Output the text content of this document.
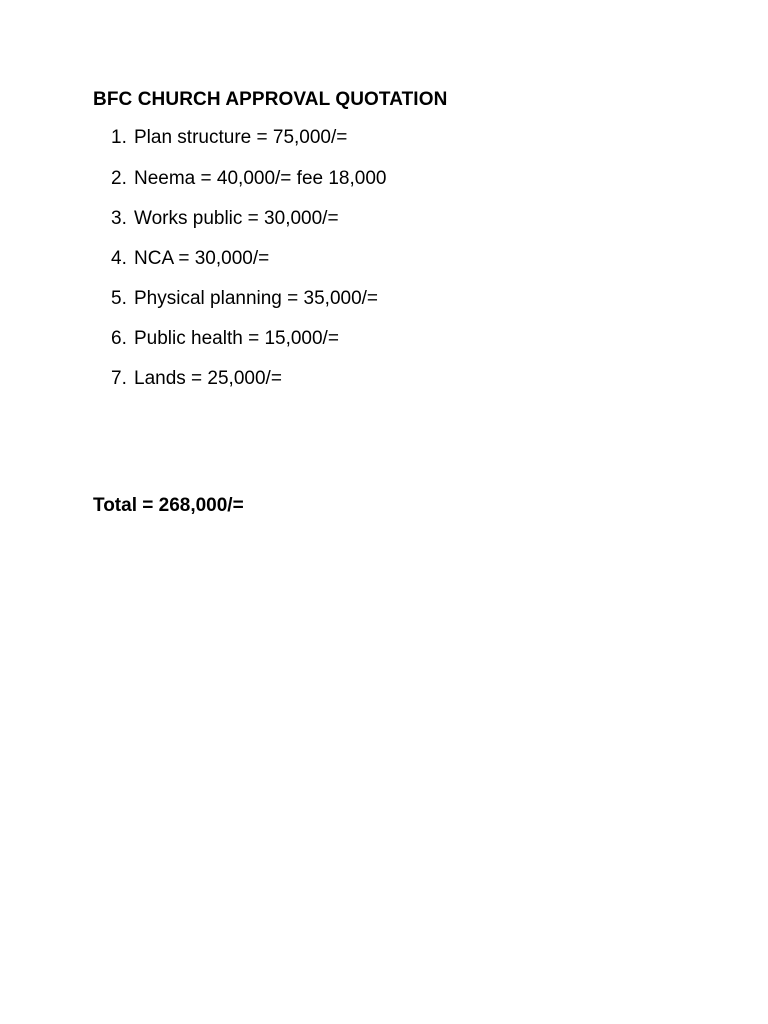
BFC CHURCH APPROVAL QUOTATION
1. Plan structure = 75,000/=
2. Neema = 40,000/= fee 18,000
3. Works public = 30,000/=
4. NCA = 30,000/=
5. Physical planning = 35,000/=
6. Public health = 15,000/=
7. Lands = 25,000/=
Total = 268,000/=
